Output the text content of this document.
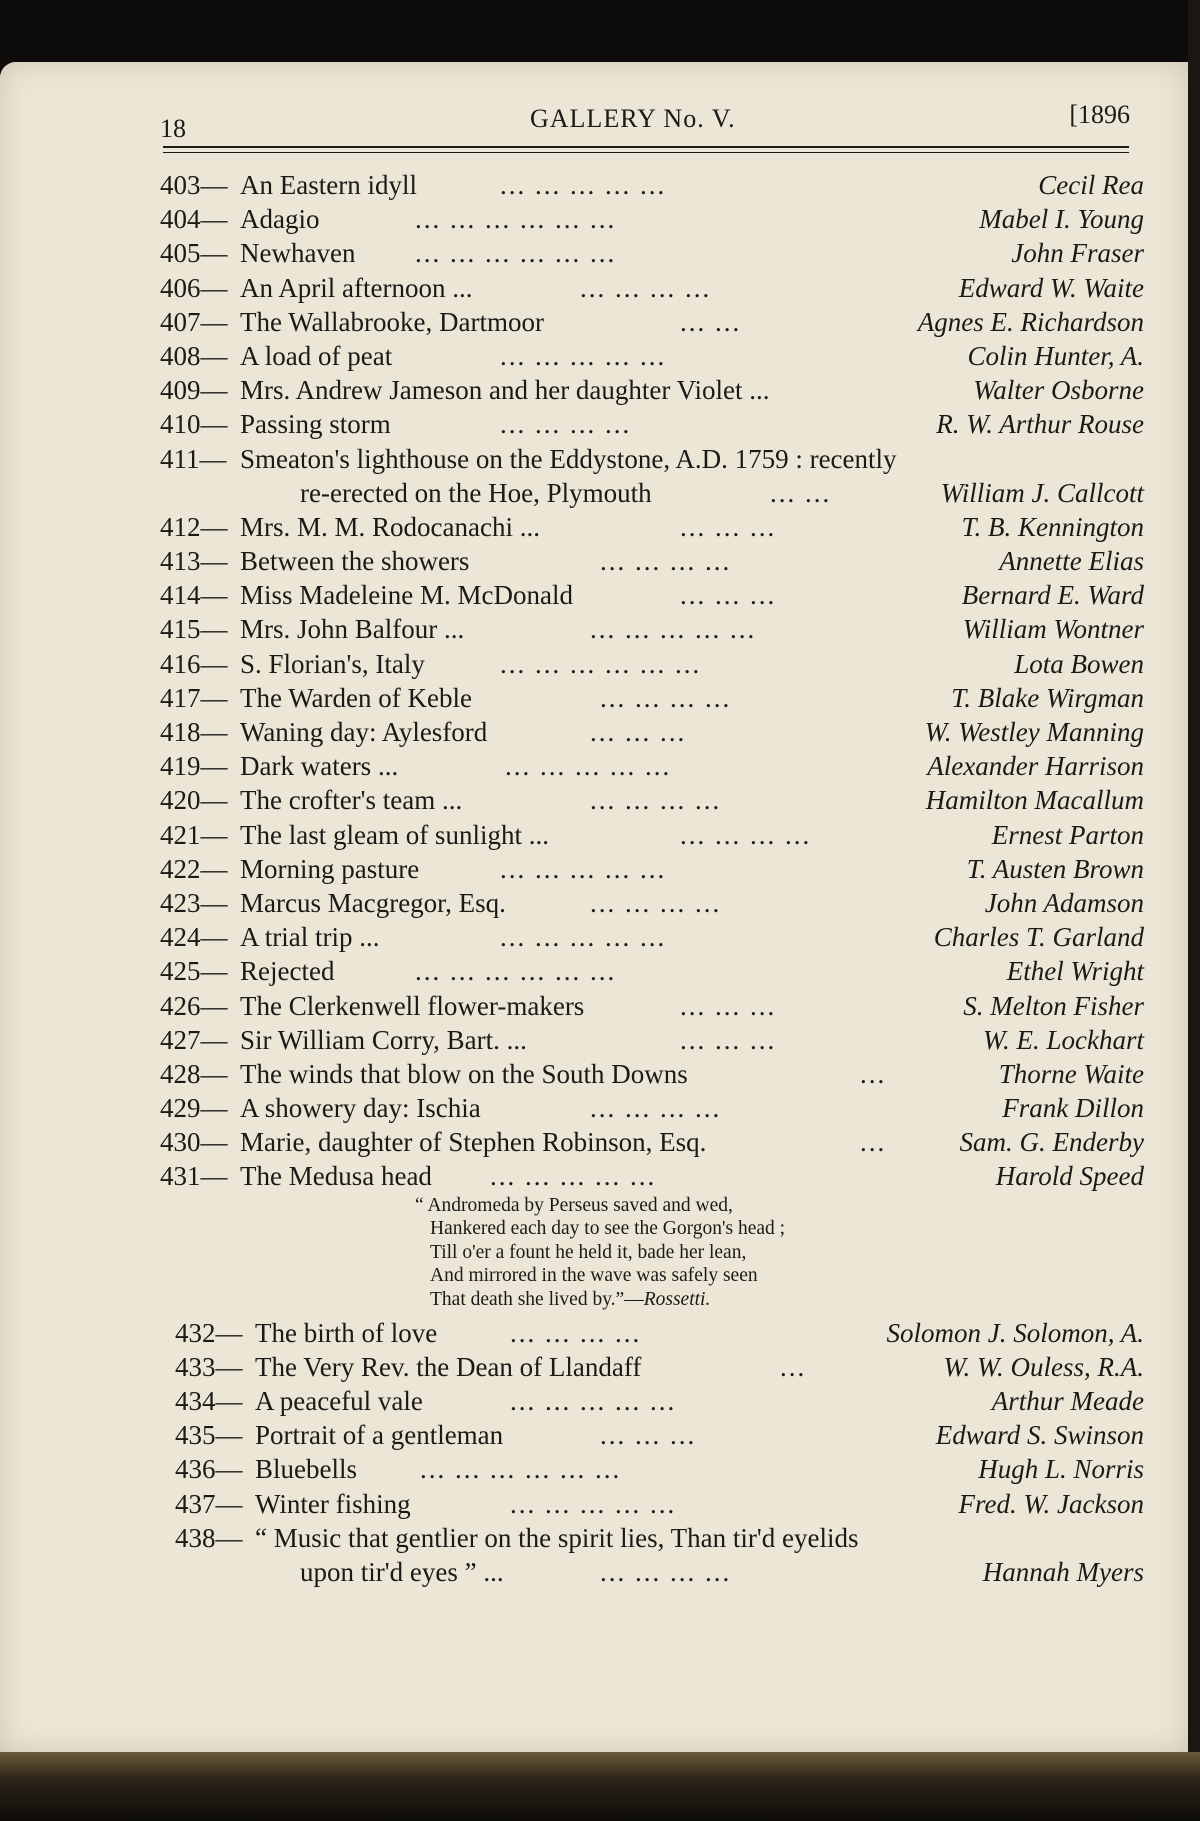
18	GALLERY No. V.	[1896
403— An Eastern idyll	... ... ... ... ...	Cecil Rea
404— Adagio	... ... ... ... ... ...	Mabel I. Young
405— Newhaven ... ... ... ... ... ...	John Fraser
406— An April afternoon ...	... ... ... ...	Edward W. Waite
407— The Wallabrooke, Dartmoor	... ...	Agnes E. Richardson
408— A load of peat	... ... ... ... ...	Colin Hunter, A.
409— Mrs. Andrew Jameson and her daughter Violet ...	Walter Osborne
410— Passing storm	... ... ... ...	R. W. Arthur Rouse
411— Smeaton's lighthouse on the Eddystone, A.D. 1759 : recently
re-erected on the Hoe, Plymouth	... ...	William J. Callcott
412— Mrs. M. M. Rodocanachi ...	... ... ...	T. B. Kennington
413— Between the showers	... ... ... ...	Annette Elias
414— Miss Madeleine M. McDonald	... ... ...	Bernard E. Ward
415— Mrs. John Balfour ...	... ... ... ... ...	William Wontner
416— S. Florian's, Italy	... ... ... ... ... ...	Lota Bowen
417— The Warden of Keble	... ... ... ...	T. Blake Wirgman
418— Waning day: Aylesford	... ... ...	W. Westley Manning
419— Dark waters ...	... ... ... ... ...	Alexander Harrison
420— The crofter's team ...	... ... ... ...	Hamilton Macallum
421— The last gleam of sunlight ...	... ... ... ...	Ernest Parton
422— Morning pasture	... ... ... ... ...	T. Austen Brown
423— Marcus Macgregor, Esq.	... ... ... ...	John Adamson
424— A trial trip ...	... ... ... ... ...	Charles T. Garland
425— Rejected	... ... ... ... ... ...	Ethel Wright
426— The Clerkenwell flower-makers	... ... ...	S. Melton Fisher
427— Sir William Corry, Bart. ...	... ... ...	W. E. Lockhart
428— The winds that blow on the South Downs	...	Thorne Waite
429— A showery day: Ischia	... ... ... ...	Frank Dillon
430— Marie, daughter of Stephen Robinson, Esq.	...	Sam. G. Enderby
431— The Medusa head ... ... ... ... ...	Harold Speed
“ Andromeda by Perseus saved and wed,
Hankered each day to see the Gorgon's head ;
Till o'er a fount he held it, bade her lean,
And mirrored in the wave was safely seen
That death she lived by.”—Rossetti.
432— The birth of love	... ... ... ...	Solomon J. Solomon, A.
433— The Very Rev. the Dean of Llandaff	...	W. W. Ouless, R.A.
434— A peaceful vale	... ... ... ... ...	Arthur Meade
435— Portrait of a gentleman	... ... ...	Edward S. Swinson
436— Bluebells ... ... ... ... ... ...	Hugh L. Norris
437— Winter fishing	... ... ... ... ...	Fred. W. Jackson
438— “ Music that gentlier on the spirit lies, Than tir'd eyelids
upon tir'd eyes ” ...	... ... ... ...	Hannah Myers
